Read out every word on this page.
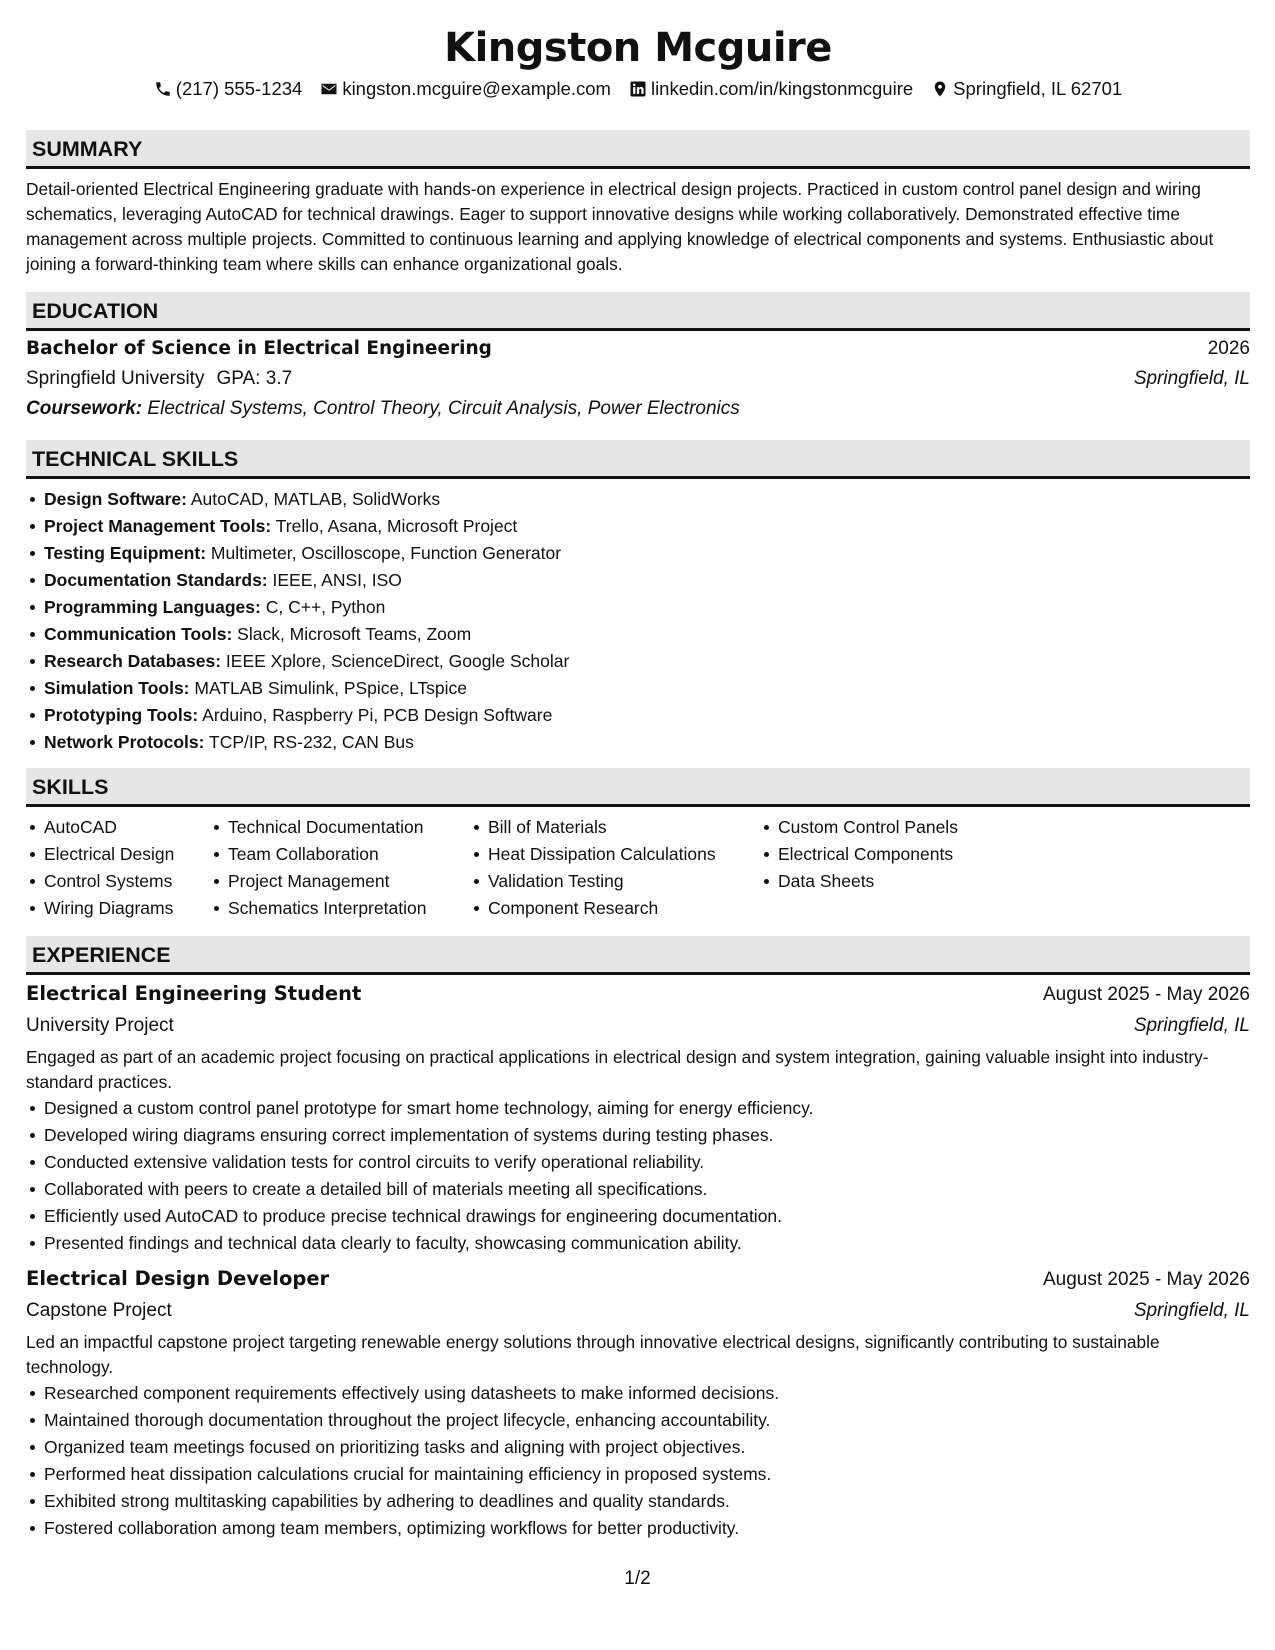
Kingston Mcguire
(217) 555-1234 kingston.mcguire@example.com linkedin.com/in/kingstonmcguire Springfield, IL 62701
SUMMARY

Detail-oriented Electrical Engineering graduate with hands-on experience in electrical design projects. Practiced in custom control panel design and wiring schematics, leveraging AutoCAD for technical drawings. Eager to support innovative designs while working collaboratively. Demonstrated effective time management across multiple projects. Committed to continuous learning and applying knowledge of electrical components and systems. Enthusiastic about joining a forward-thinking team where skills can enhance organizational goals.

EDUCATION
Bachelor of Science in Electrical Engineering	2026
Springfield University GPA: 3.7	Springfield, IL
Coursework: Electrical Systems, Control Theory, Circuit Analysis, Power Electronics
TECHNICAL SKILLS
Design Software: AutoCAD, MATLAB, SolidWorks
Project Management Tools: Trello, Asana, Microsoft Project
Testing Equipment: Multimeter, Oscilloscope, Function Generator
Documentation Standards: IEEE, ANSI, ISO
Programming Languages: C, C++, Python
Communication Tools: Slack, Microsoft Teams, Zoom
Research Databases: IEEE Xplore, ScienceDirect, Google Scholar
Simulation Tools: MATLAB Simulink, PSpice, LTspice
Prototyping Tools: Arduino, Raspberry Pi, PCB Design Software
Network Protocols: TCP/IP, RS-232, CAN Bus
SKILLS
AutoCAD
Electrical Design
Control Systems
Wiring Diagrams
Technical Documentation
Team Collaboration
Project Management
Schematics Interpretation
Bill of Materials
Heat Dissipation Calculations
Validation Testing
Component Research
Custom Control Panels
Electrical Components
Data Sheets
EXPERIENCE
Electrical Engineering Student	August 2025 - May 2026
University Project	Springfield, IL

Engaged as part of an academic project focusing on practical applications in electrical design and system integration, gaining valuable insight into industry-standard practices.

Designed a custom control panel prototype for smart home technology, aiming for energy efficiency.
Developed wiring diagrams ensuring correct implementation of systems during testing phases.
Conducted extensive validation tests for control circuits to verify operational reliability.
Collaborated with peers to create a detailed bill of materials meeting all specifications.
Efficiently used AutoCAD to produce precise technical drawings for engineering documentation.
Presented findings and technical data clearly to faculty, showcasing communication ability.
Electrical Design Developer	August 2025 - May 2026
Capstone Project	Springfield, IL

Led an impactful capstone project targeting renewable energy solutions through innovative electrical designs, significantly contributing to sustainable technology.

Researched component requirements effectively using datasheets to make informed decisions.
Maintained thorough documentation throughout the project lifecycle, enhancing accountability.
Organized team meetings focused on prioritizing tasks and aligning with project objectives.
Performed heat dissipation calculations crucial for maintaining efficiency in proposed systems.
Exhibited strong multitasking capabilities by adhering to deadlines and quality standards.
Fostered collaboration among team members, optimizing workflows for better productivity.
1/2
